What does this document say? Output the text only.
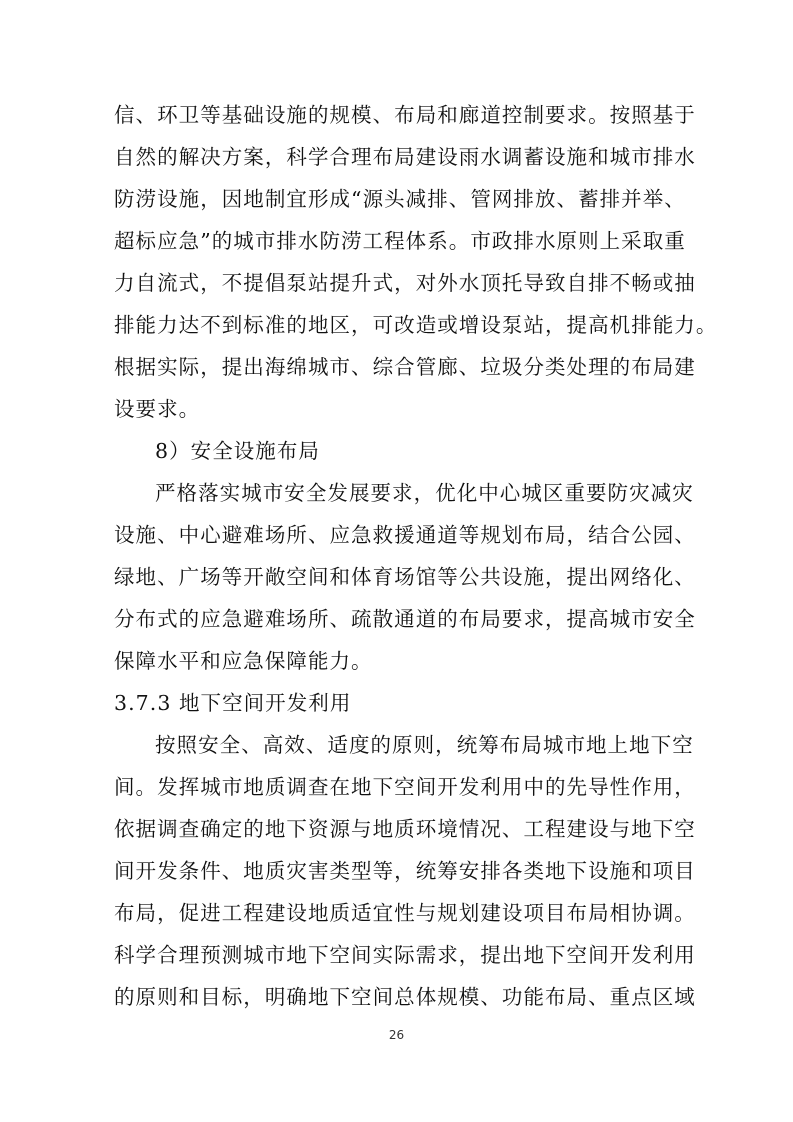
信、环卫等基础设施的规模、布局和廊道控制要求。按照基于
自然的解决方案，科学合理布局建设雨水调蓄设施和城市排水
防涝设施，因地制宜形成“源头减排、管网排放、蓄排并举、
超标应急”的城市排水防涝工程体系。市政排水原则上采取重
力自流式，不提倡泵站提升式，对外水顶托导致自排不畅或抽
排能力达不到标准的地区，可改造或增设泵站，提高机排能力。
根据实际，提出海绵城市、综合管廊、垃圾分类处理的布局建
设要求。
8）安全设施布局
严格落实城市安全发展要求，优化中心城区重要防灾减灾
设施、中心避难场所、应急救援通道等规划布局，结合公园、
绿地、广场等开敞空间和体育场馆等公共设施，提出网络化、
分布式的应急避难场所、疏散通道的布局要求，提高城市安全
保障水平和应急保障能力。
3.7.3 地下空间开发利用
按照安全、高效、适度的原则，统筹布局城市地上地下空
间。发挥城市地质调查在地下空间开发利用中的先导性作用，
依据调查确定的地下资源与地质环境情况、工程建设与地下空
间开发条件、地质灾害类型等，统筹安排各类地下设施和项目
布局，促进工程建设地质适宜性与规划建设项目布局相协调。
科学合理预测城市地下空间实际需求，提出地下空间开发利用
的原则和目标，明确地下空间总体规模、功能布局、重点区域
26
